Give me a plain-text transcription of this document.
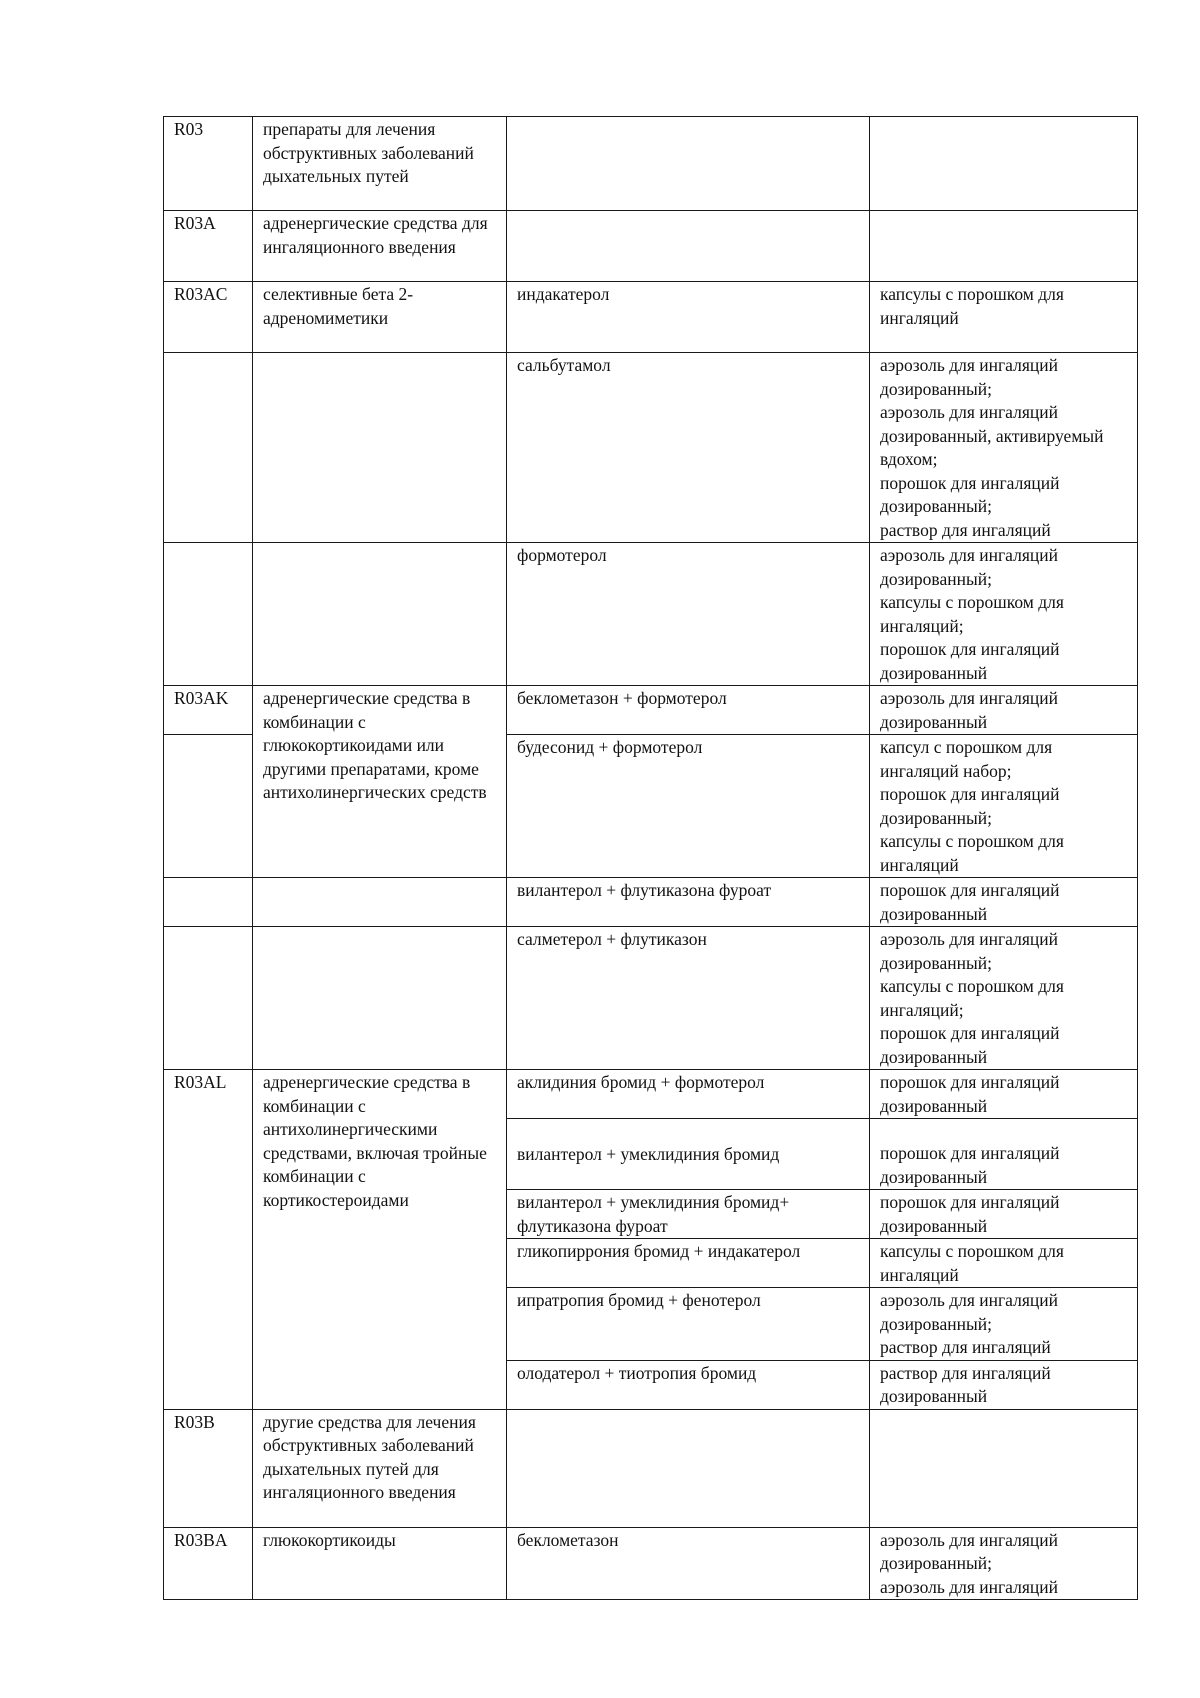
R03	препараты для лечения обструктивных заболеваний дыхательных путей		
R03A	адренергические средства для ингаляционного введения		
R03AC	селективные бета 2-адреномиметики	индакатерол	капсулы с порошком для ингаляций

		сальбутамол	аэрозоль для ингаляций дозированный;
аэрозоль для ингаляций дозированный, активируемый вдохом;
порошок для ингаляций дозированный;
раствор для ингаляций

		формотерол	аэрозоль для ингаляций дозированный;
капсулы с порошком для ингаляций;
порошок для ингаляций дозированный

R03AK	адренергические средства в комбинации с глюкокортикоидами или другими препаратами, кроме антихолинергических средств	беклометазон + формотерол	аэрозоль для ингаляций дозированный

		будесонид + формотерол	капсул с порошком для ингаляций набор;
порошок для ингаляций дозированный;
капсулы с порошком для ингаляций

		вилантерол + флутиказона фуроат	порошок для ингаляций дозированный

		салметерол + флутиказон	аэрозоль для ингаляций дозированный;
капсулы с порошком для ингаляций;
порошок для ингаляций дозированный

R03AL	адренергические средства в комбинации с антихолинергическими средствами, включая тройные комбинации с кортикостероидами	аклидиния бромид + формотерол	порошок для ингаляций дозированный

		вилантерол + умеклидиния бромид	порошок для ингаляций дозированный

		вилантерол + умеклидиния бромид+ флутиказона фуроат	порошок для ингаляций дозированный

		гликопиррония бромид + индакатерол	капсулы с порошком для ингаляций

		ипратропия бромид + фенотерол	аэрозоль для ингаляций дозированный;
раствор для ингаляций

		олодатерол + тиотропия бромид	раствор для ингаляций дозированный

R03B	другие средства для лечения обструктивных заболеваний дыхательных путей для ингаляционного введения		
R03BA	глюкокортикоиды	беклометазон	аэрозоль для ингаляций дозированный;
аэрозоль для ингаляций
